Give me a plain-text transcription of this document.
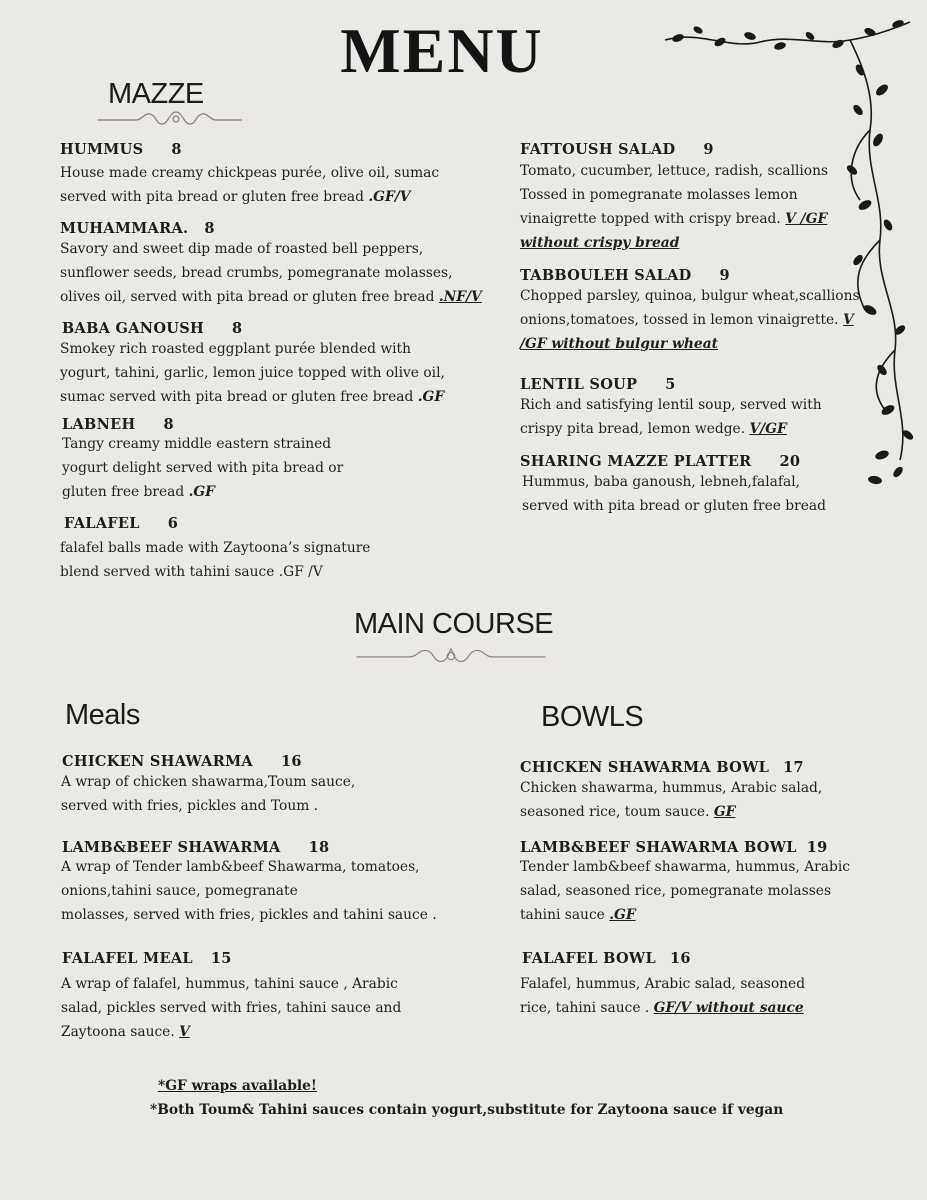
MENU
MAZZE
HUMMUS 8
House made creamy chickpeas purée, olive oil, sumac
served with pita bread or gluten free bread .GF/V
MUHAMMARA. 8
Savory and sweet dip made of roasted bell peppers,
sunflower seeds, bread crumbs, pomegranate molasses,
olives oil, served with pita bread or gluten free bread .NF/V
BABA GANOUSH 8
Smokey rich roasted eggplant purée blended with
yogurt, tahini, garlic, lemon juice topped with olive oil,
sumac served with pita bread or gluten free bread .GF
LABNEH 8
Tangy creamy middle eastern strained
yogurt delight served with pita bread or
gluten free bread .GF
FALAFEL 6
falafel balls made with Zaytoona’s signature
blend served with tahini sauce .GF /V
FATTOUSH SALAD 9
Tomato, cucumber, lettuce, radish, scallions
Tossed in pomegranate molasses lemon
vinaigrette topped with crispy bread. V /GF
without crispy bread
TABBOULEH SALAD 9
Chopped parsley, quinoa, bulgur wheat,scallions
onions,tomatoes, tossed in lemon vinaigrette. V
/GF without bulgur wheat
LENTIL SOUP 5
Rich and satisfying lentil soup, served with
crispy pita bread, lemon wedge. V/GF
SHARING MAZZE PLATTER 20
Hummus, baba ganoush, lebneh,falafal,
served with pita bread or gluten free bread
MAIN COURSE
Meals	BOWLS
CHICKEN SHAWARMA 16
A wrap of chicken shawarma,Toum sauce,
served with fries, pickles and Toum .
LAMB&BEEF SHAWARMA 18
A wrap of Tender lamb&beef Shawarma, tomatoes,
onions,tahini sauce, pomegranate
molasses, served with fries, pickles and tahini sauce .
FALAFEL MEAL 15
A wrap of falafel, hummus, tahini sauce , Arabic
salad, pickles served with fries, tahini sauce and
Zaytoona sauce. V
CHICKEN SHAWARMA BOWL 17
Chicken shawarma, hummus, Arabic salad,
seasoned rice, toum sauce. GF
LAMB&BEEF SHAWARMA BOWL 19
Tender lamb&beef shawarma, hummus, Arabic
salad, seasoned rice, pomegranate molasses
tahini sauce .GF
FALAFEL BOWL 16
Falafel, hummus, Arabic salad, seasoned
rice, tahini sauce . GF/V without sauce
*GF wraps available!
*Both Toum& Tahini sauces contain yogurt,substitute for Zaytoona sauce if vegan
